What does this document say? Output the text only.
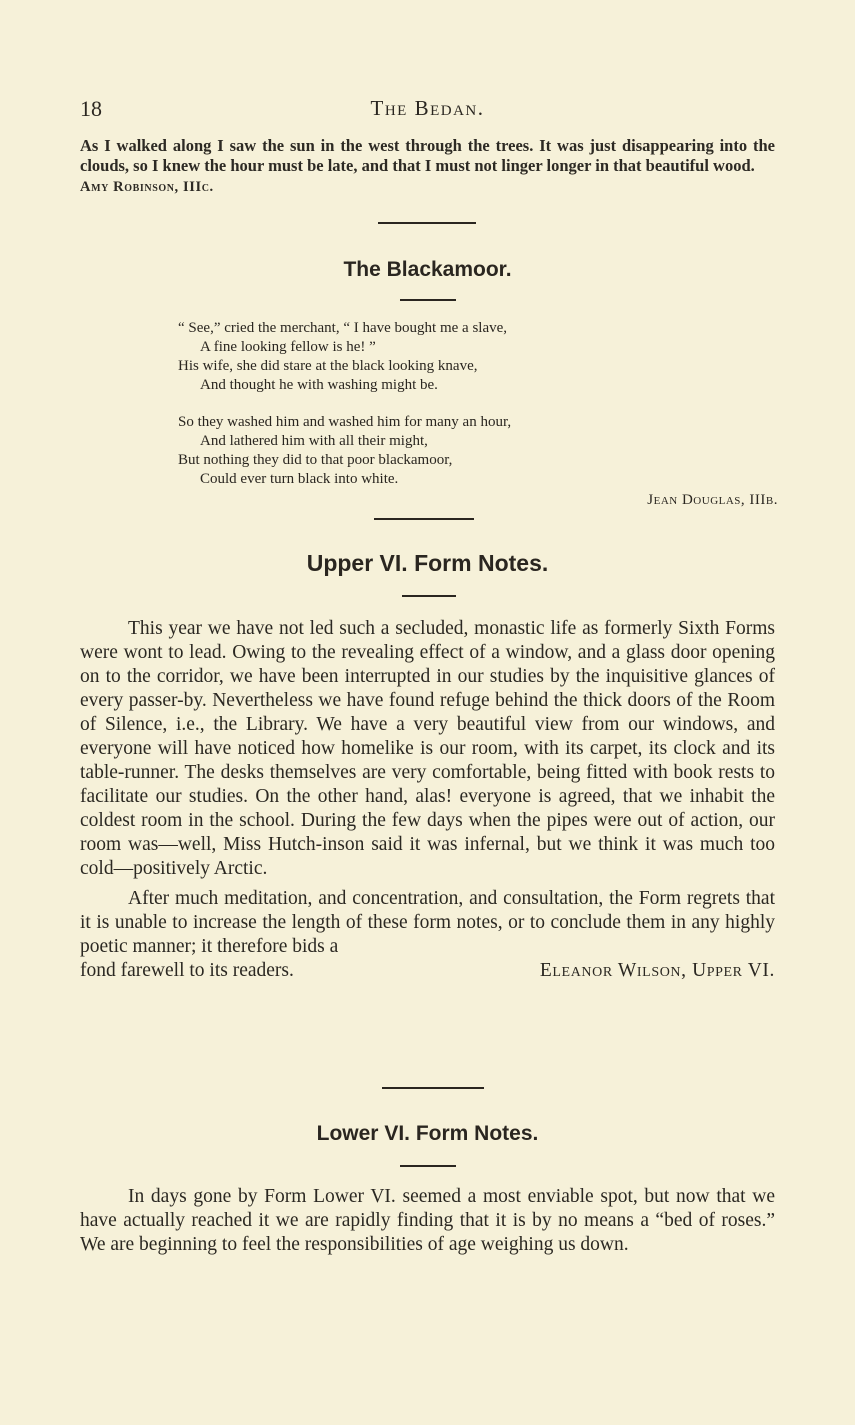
18	The Bedan.
As I walked along I saw the sun in the west through the trees. It was just disappearing into the clouds, so I knew the hour must be late, and that I must not linger longer in that beautiful wood.
Amy Robinson, IIIc.
The Blackamoor.
“ See,” cried the merchant, “ I have bought me a slave,
A fine looking fellow is he! ”
His wife, she did stare at the black looking knave,
And thought he with washing might be.
So they washed him and washed him for many an hour,
And lathered him with all their might,
But nothing they did to that poor blackamoor,
Could ever turn black into white.
Jean Douglas, IIIb.
Upper VI. Form Notes.

This year we have not led such a secluded, monastic life as formerly Sixth Forms were wont to lead. Owing to the revealing effect of a window, and a glass door opening on to the corridor, we have been interrupted in our studies by the inquisitive glances of every passer-by. Nevertheless we have found refuge behind the thick doors of the Room of Silence, i.e., the Library. We have a very beautiful view from our windows, and everyone will have noticed how homelike is our room, with its carpet, its clock and its table-runner. The desks themselves are very comfortable, being fitted with book rests to facilitate our studies. On the other hand, alas! everyone is agreed, that we inhabit the coldest room in the school. During the few days when the pipes were out of action, our room was—well, Miss Hutch-inson said it was infernal, but we think it was much too cold—positively Arctic.

After much meditation, and concentration, and consultation, the Form regrets that it is unable to increase the length of these form notes, or to conclude them in any highly poetic manner; it therefore bids a

fond farewell to its readers.	Eleanor Wilson, Upper VI.
Lower VI. Form Notes.

In days gone by Form Lower VI. seemed a most enviable spot, but now that we have actually reached it we are rapidly finding that it is by no means a “bed of roses.” We are beginning to feel the responsibilities of age weighing us down.
